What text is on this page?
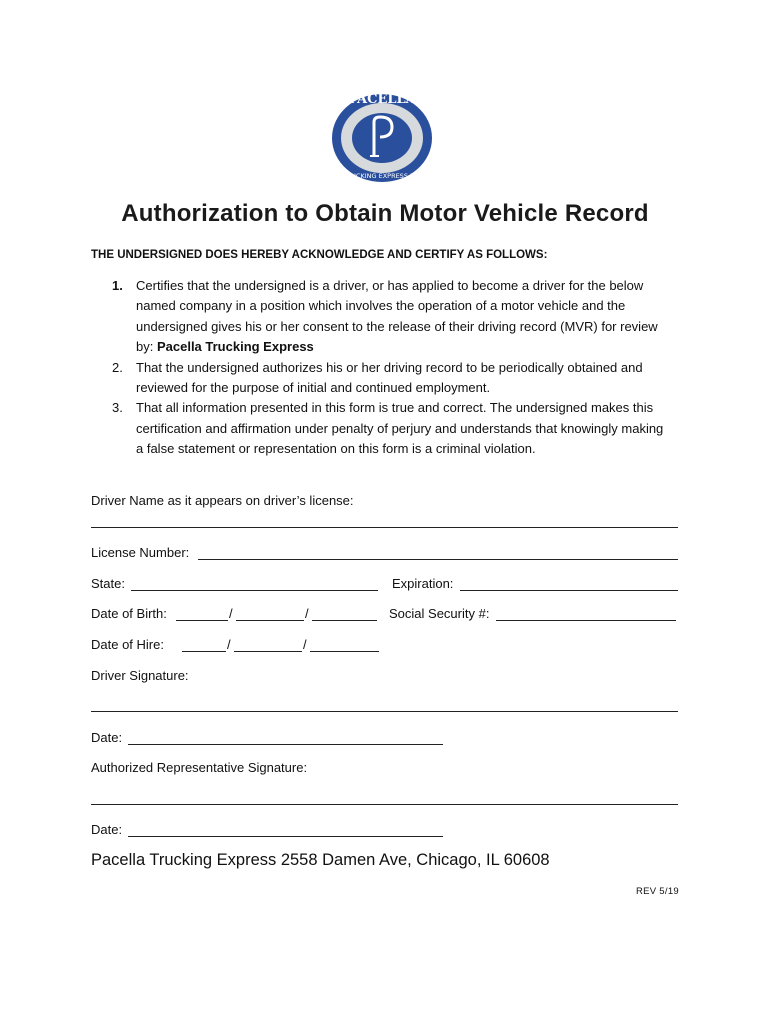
PACELLA
TRUCKING EXPRESS INC
Authorization to Obtain Motor Vehicle Record
THE UNDERSIGNED DOES HEREBY ACKNOWLEDGE AND CERTIFY AS FOLLOWS:
1. Certifies that the undersigned is a driver, or has applied to become a driver for the below named company in a position which involves the operation of a motor vehicle and the undersigned gives his or her consent to the release of their driving record (MVR) for review by: Pacella Trucking Express
2. That the undersigned authorizes his or her driving record to be periodically obtained and reviewed for the purpose of initial and continued employment.
3. That all information presented in this form is true and correct. The undersigned makes this certification and affirmation under penalty of perjury and understands that knowingly making a false statement or representation on this form is a criminal violation.
Driver Name as it appears on driver’s license:
License Number:
State:	Expiration:
Date of Birth:	/	/	Social Security #:
Date of Hire:	/	/
Driver Signature:
Date:
Authorized Representative Signature:
Date:
Pacella Trucking Express 2558 Damen Ave, Chicago, IL 60608
REV 5/19
